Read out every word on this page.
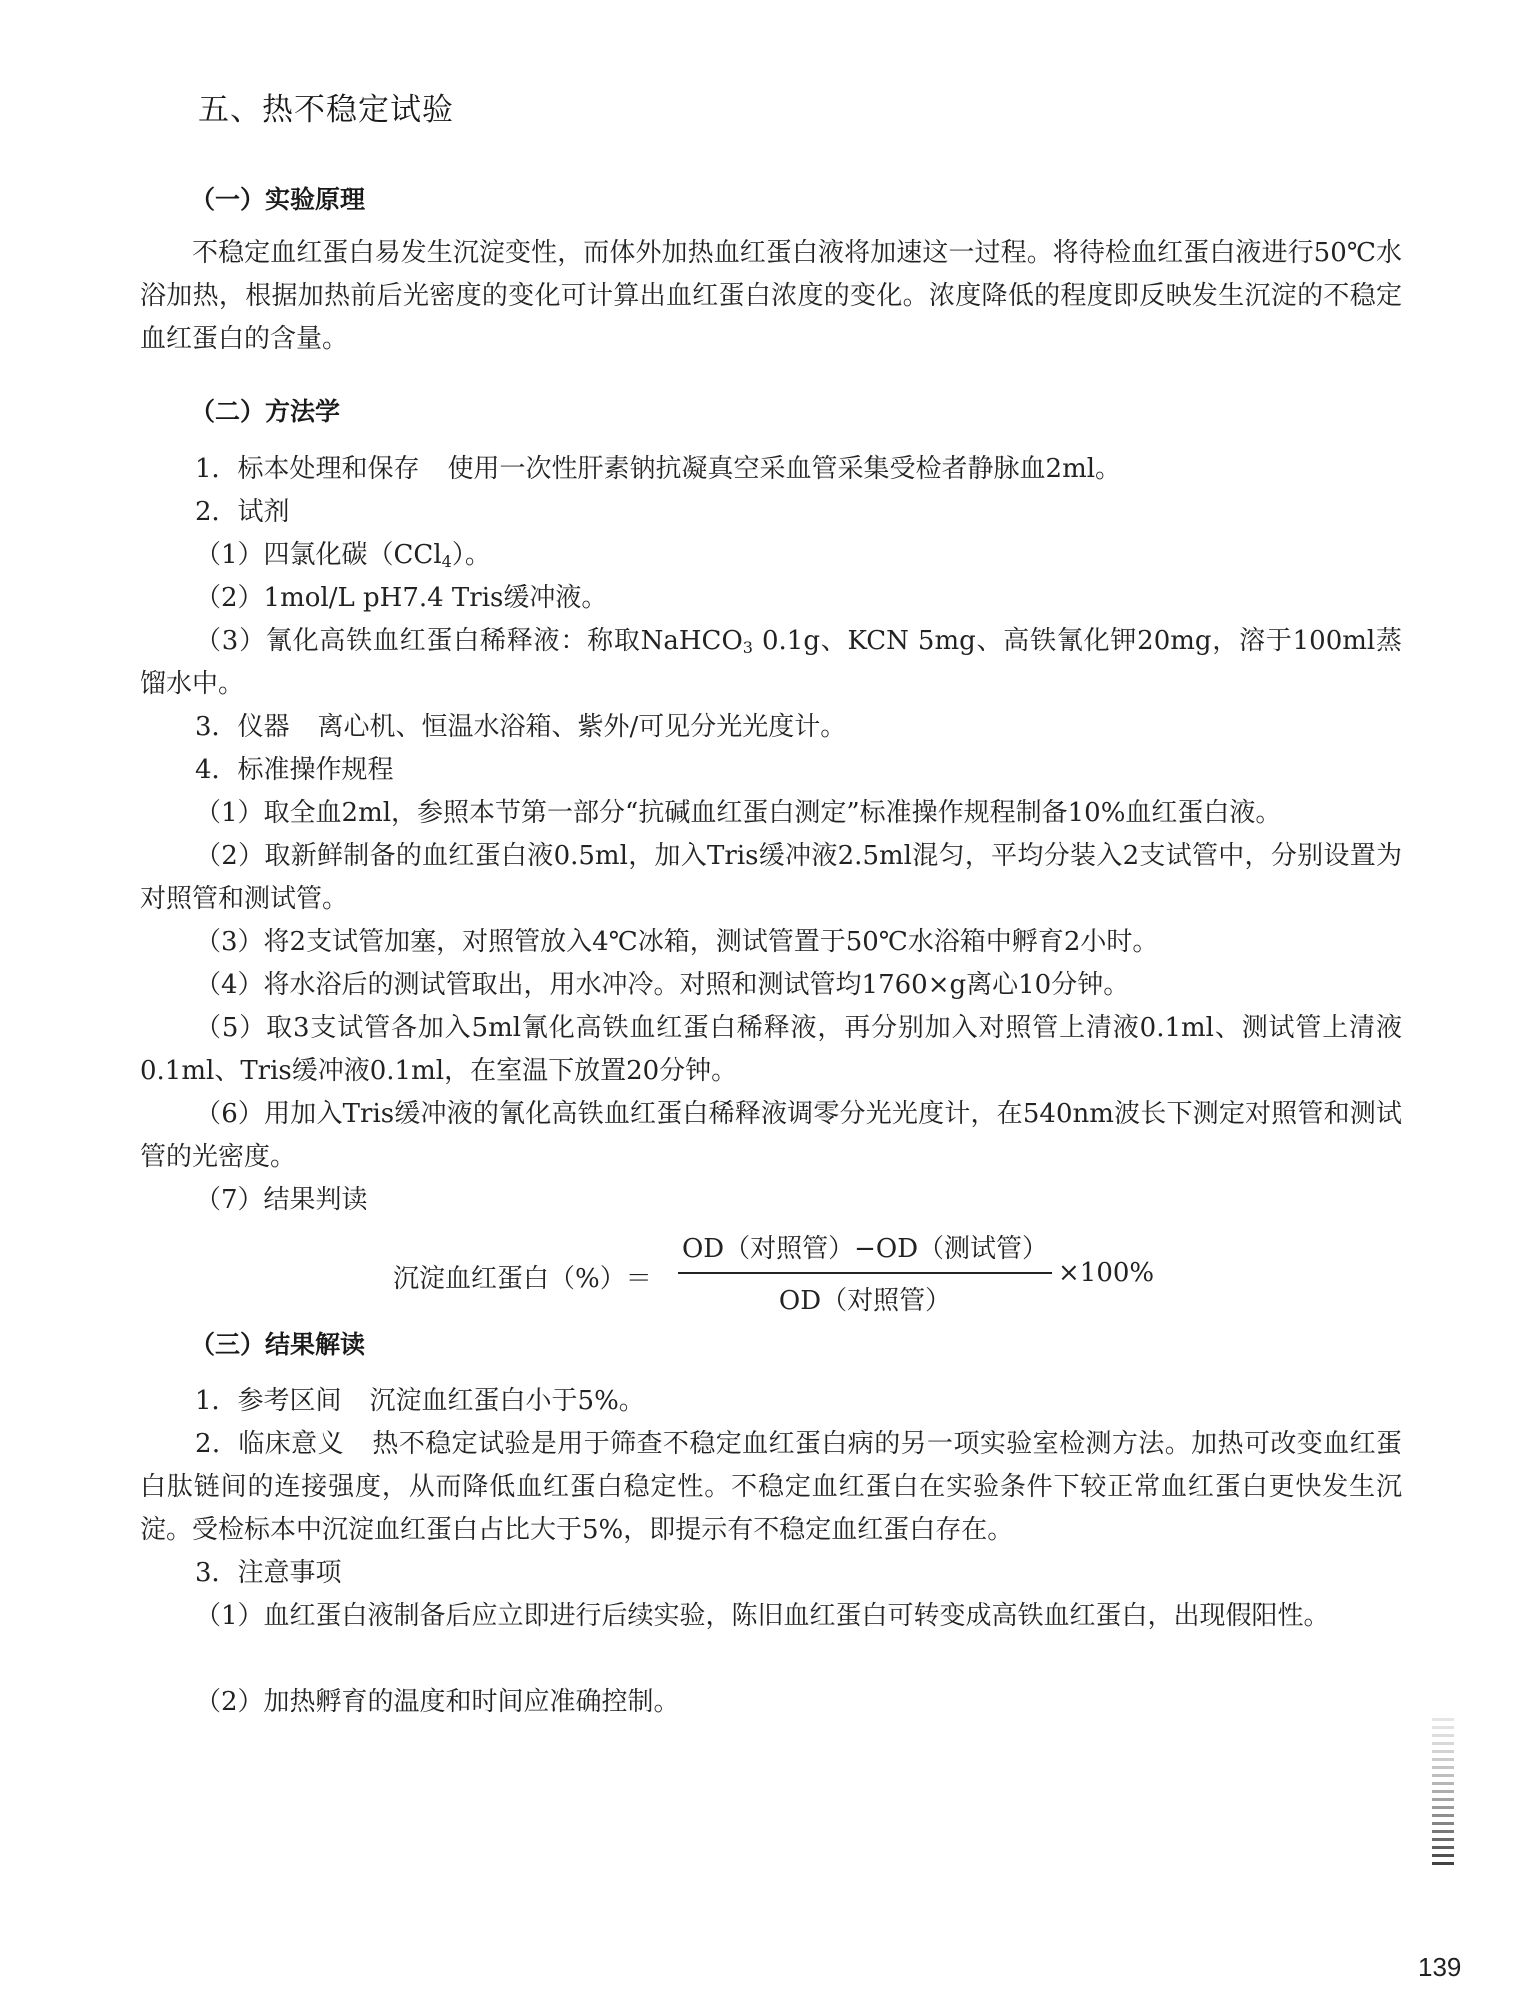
五、热不稳定试验
（一）实验原理
不稳定血红蛋白易发生沉淀变性，而体外加热血红蛋白液将加速这一过程。将待检血红蛋白液进行50℃水浴加热，根据加热前后光密度的变化可计算出血红蛋白浓度的变化。浓度降低的程度即反映发生沉淀的不稳定血红蛋白的含量。
（二）方法学
1．标本处理和保存 使用一次性肝素钠抗凝真空采血管采集受检者静脉血2ml。
2．试剂
（1）四氯化碳（CCl$_4$）。
（2）1mol/L pH7.4 Tris缓冲液。
（3）氰化高铁血红蛋白稀释液：称取NaHCO$_3$ 0.1g、KCN 5mg、高铁氰化钾20mg，溶于100ml蒸馏水中。
3．仪器 离心机、恒温水浴箱、紫外/可见分光光度计。
4．标准操作规程
（1）取全血2ml，参照本节第一部分“抗碱血红蛋白测定”标准操作规程制备10%血红蛋白液。
（2）取新鲜制备的血红蛋白液0.5ml，加入Tris缓冲液2.5ml混匀，平均分装入2支试管中，分别设置为对照管和测试管。
（3）将2支试管加塞，对照管放入4℃冰箱，测试管置于50℃水浴箱中孵育2小时。
（4）将水浴后的测试管取出，用水冲冷。对照和测试管均1760×g离心10分钟。
（5）取3支试管各加入5ml氰化高铁血红蛋白稀释液，再分别加入对照管上清液0.1ml、测试管上清液0.1ml、Tris缓冲液0.1ml，在室温下放置20分钟。
（6）用加入Tris缓冲液的氰化高铁血红蛋白稀释液调零分光光度计，在540nm波长下测定对照管和测试管的光密度。
（7）结果判读
沉淀血红蛋白（%）＝
OD（对照管）−OD（测试管）
OD（对照管）
×100%
（三）结果解读
1．参考区间 沉淀血红蛋白小于5%。
2．临床意义 热不稳定试验是用于筛查不稳定血红蛋白病的另一项实验室检测方法。加热可改变血红蛋白肽链间的连接强度，从而降低血红蛋白稳定性。不稳定血红蛋白在实验条件下较正常血红蛋白更快发生沉淀。受检标本中沉淀血红蛋白占比大于5%，即提示有不稳定血红蛋白存在。
3．注意事项
（1）血红蛋白液制备后应立即进行后续实验，陈旧血红蛋白可转变成高铁血红蛋白，出现假阳性。
（2）加热孵育的温度和时间应准确控制。
139
